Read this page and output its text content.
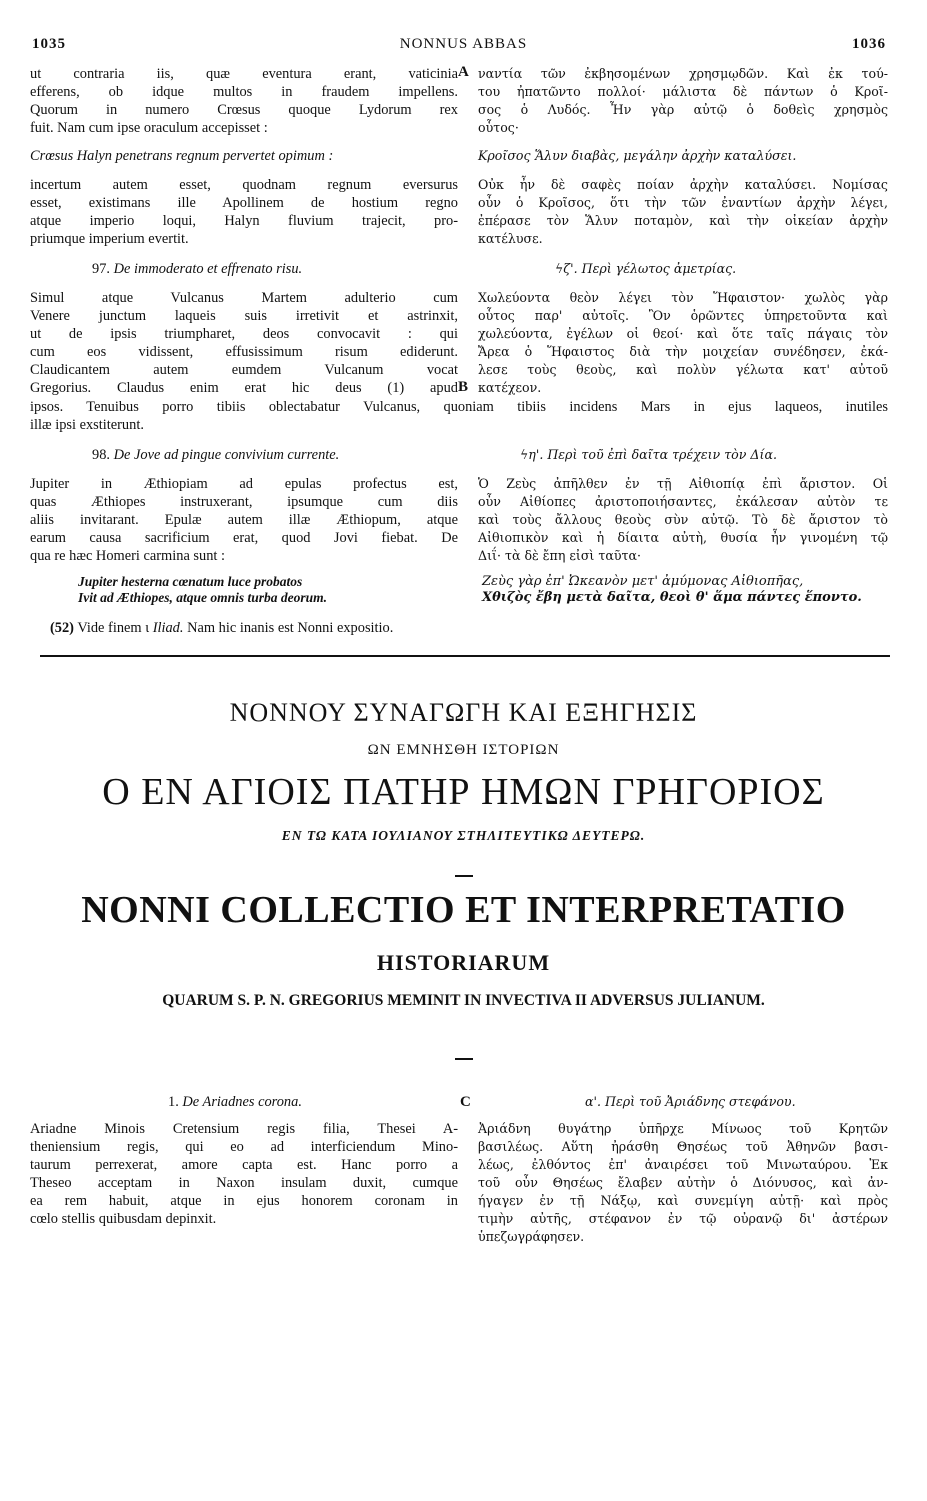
1035	NONNUS ABBAS	1036
ut contraria iis, quæ eventura erant, vaticinia
efferens, ob idque multos in fraudem impellens.
Quorum in numero Crœsus quoque Lydorum rex
fuit. Nam cum ipse oraculum accepisset :
Crœsus Halyn penetrans regnum pervertet opimum :
incertum autem esset, quodnam regnum eversurus
esset, existimans ille Apollinem de hostium regno
atque imperio loqui, Halyn fluvium trajecit, pro-
priumque imperium evertit.
A ναντία τῶν ἐκβησομένων χρησμῳδῶν. Καὶ ἐκ τού-
του ἠπατῶντο πολλοί· μάλιστα δὲ πάντων ὁ Κροῖ-
σος ὁ Λυδός. Ἦν γὰρ αὐτῷ ὁ δοθεὶς χρησμὸς
οὗτος·
Κροῖσος Ἅλυν διαβὰς, μεγάλην ἀρχὴν καταλύσει.
Οὐκ ἦν δὲ σαφὲς ποίαν ἀρχὴν καταλύσει. Νομίσας
οὖν ὁ Κροῖσος, ὅτι τὴν τῶν ἐναντίων ἀρχὴν λέγει,
ἐπέρασε τὸν Ἅλυν ποταμὸν, καὶ τὴν οἰκείαν ἀρχὴν
κατέλυσε.
97. De immoderato et effrenato risu.	ϟζ'. Περὶ γέλωτος ἀμετρίας.
Simul atque Vulcanus Martem adulterio cum
Venere junctum laqueis suis irretivit et astrinxit,
ut de ipsis triumpharet, deos convocavit : qui
cum eos vidissent, effusissimum risum ediderunt.
Claudicantem autem eumdem Vulcanum vocat
Gregorius. Claudus enim erat hic deus (1) apud B
Χωλεύοντα θεὸν λέγει τὸν Ἥφαιστον· χωλὸς γὰρ
οὗτος παρ' αὐτοῖς. Ὃν ὁρῶντες ὑπηρετοῦντα καὶ
χωλεύοντα, ἐγέλων οἱ θεοί· καὶ ὅτε ταῖς πάγαις τὸν
Ἄρεα ὁ Ἥφαιστος διὰ τὴν μοιχείαν συνέδησεν, ἐκά-
λεσε τοὺς θεοὺς, καὶ πολὺν γέλωτα κατ' αὐτοῦ
κατέχεον.
ipsos. Tenuibus porro tibiis oblectabatur Vulcanus, quoniam tibiis incidens Mars in ejus laqueos, inutiles
illæ ipsi exstiterunt.
98. De Jove ad pingue convivium currente.	ϟη'. Περὶ τοῦ ἐπὶ δαῖτα τρέχειν τὸν Δία.
Jupiter in Æthiopiam ad epulas profectus est,
quas Æthiopes instruxerant, ipsumque cum diis
aliis invitarant. Epulæ autem illæ Æthiopum, atque
earum causa sacrificium erat, quod Jovi fiebat. De
qua re hæc Homeri carmina sunt :
Jupiter hesterna cœnatum luce probatos
Ivit ad Æthiopes, atque omnis turba deorum.
Ὁ Ζεὺς ἀπῆλθεν ἐν τῇ Αἰθιοπίᾳ ἐπὶ ἄριστον. Οἱ
οὖν Αἰθίοπες ἀριστοποιήσαντες, ἐκάλεσαν αὐτὸν τε
καὶ τοὺς ἄλλους θεοὺς σὺν αὐτῷ. Τὸ δὲ ἄριστον τὸ
Αἰθιοπικὸν καὶ ἡ δίαιτα αὐτὴ, θυσία ἦν γινομένη τῷ
Διΐ· τὰ δὲ ἔπη εἰσὶ ταῦτα·
Ζεὺς γὰρ ἐπ' Ὠκεανὸν μετ' ἀμύμονας Αἰθιοπῆας,
Χθιζὸς ἔβη μετὰ δαῖτα, θεοὶ θ' ἅμα πάντες ἕποντο.
(52) Vide finem ι Iliad. Nam hic inanis est Nonni expositio.
ΝΟΝΝΟΥ ΣΥΝΑΓΩΓΗ ΚΑΙ ΕΞΗΓΗΣΙΣ
ΩΝ ΕΜΝΗΣΘΗ ΙΣΤΟΡΙΩΝ
Ο ΕΝ ΑΓΙΟΙΣ ΠΑΤΗΡ ΗΜΩΝ ΓΡΗΓΟΡΙΟΣ
ΕΝ ΤΩ ΚΑΤΑ ΙΟΥΛΙΑΝΟΥ ΣΤΗΛΙΤΕΥΤΙΚΩ ΔΕΥΤΕΡΩ.
NONNI COLLECTIO ET INTERPRETATIO
HISTORIARUM
QUARUM S. P. N. GREGORIUS MEMINIT IN INVECTIVA II ADVERSUS JULIANUM.
1. De Ariadnes corona.	α'. Περὶ τοῦ Ἀριάδνης στεφάνου.
C
Ariadne Minois Cretensium regis filia, Thesei A-
theniensium regis, qui eo ad interficiendum Mino-
taurum perrexerat, amore capta est. Hanc porro a
Theseo acceptam in Naxon insulam duxit, cumque
ea rem habuit, atque in ejus honorem coronam in
cœlo stellis quibusdam depinxit.
Ἀριάδνη θυγάτηρ ὑπῆρχε Μίνωος τοῦ Κρητῶν
βασιλέως. Αὕτη ἠράσθη Θησέως τοῦ Ἀθηνῶν βασι-
λέως, ἐλθόντος ἐπ' ἀναιρέσει τοῦ Μινωταύρου. Ἐκ
τοῦ οὖν Θησέως ἔλαβεν αὐτὴν ὁ Διόνυσος, καὶ ἀν-
ήγαγεν ἐν τῇ Νάξῳ, καὶ συνεμίγη αὐτῇ· καὶ πρὸς
τιμὴν αὐτῆς, στέφανον ἐν τῷ οὐρανῷ δι' ἀστέρων
ὑπεζωγράφησεν.
